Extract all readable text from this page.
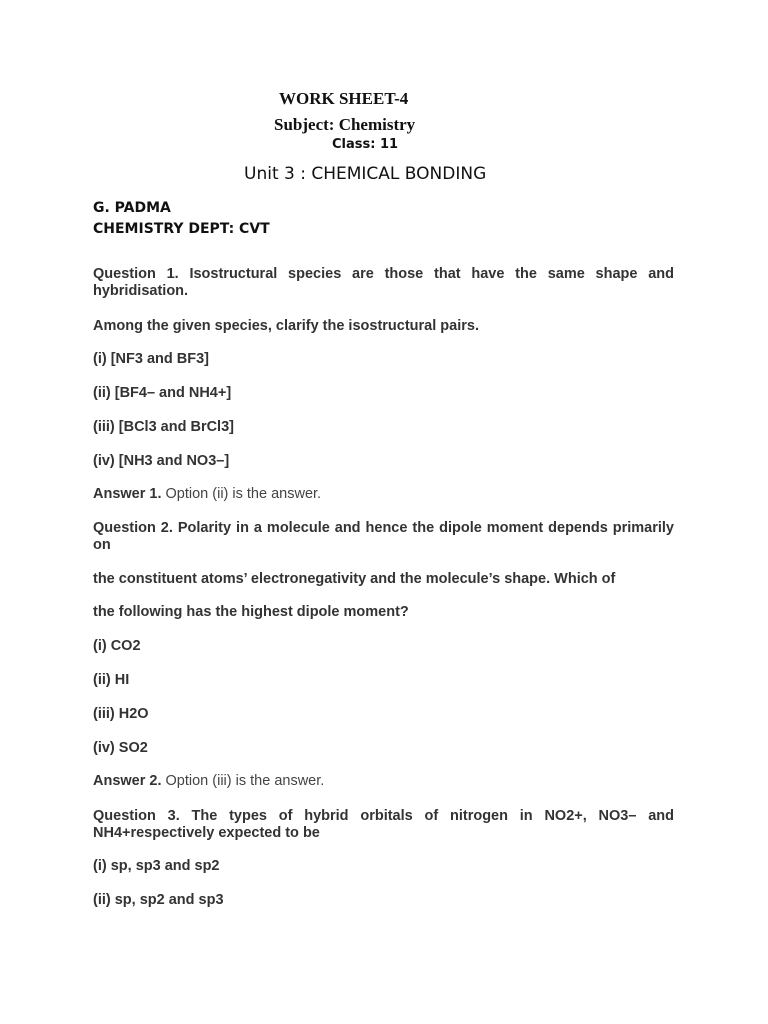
WORK SHEET-4
Subject: Chemistry
Class: 11
Unit 3 : CHEMICAL BONDING
G. PADMA
CHEMISTRY DEPT: CVT
Question 1. Isostructural species are those that have the same shape and hybridisation.
Among the given species, clarify the isostructural pairs.
(i) [NF3 and BF3]
(ii) [BF4– and NH4+]
(iii) [BCl3 and BrCl3]
(iv) [NH3 and NO3–]
Answer 1. Option (ii) is the answer.
Question 2. Polarity in a molecule and hence the dipole moment depends primarily on
the constituent atoms’ electronegativity and the molecule’s shape. Which of
the following has the highest dipole moment?
(i) CO2
(ii) HI
(iii) H2O
(iv) SO2
Answer 2. Option (iii) is the answer.
Question 3. The types of hybrid orbitals of nitrogen in NO2+, NO3– and NH4+respectively expected to be
(i) sp, sp3 and sp2
(ii) sp, sp2 and sp3
